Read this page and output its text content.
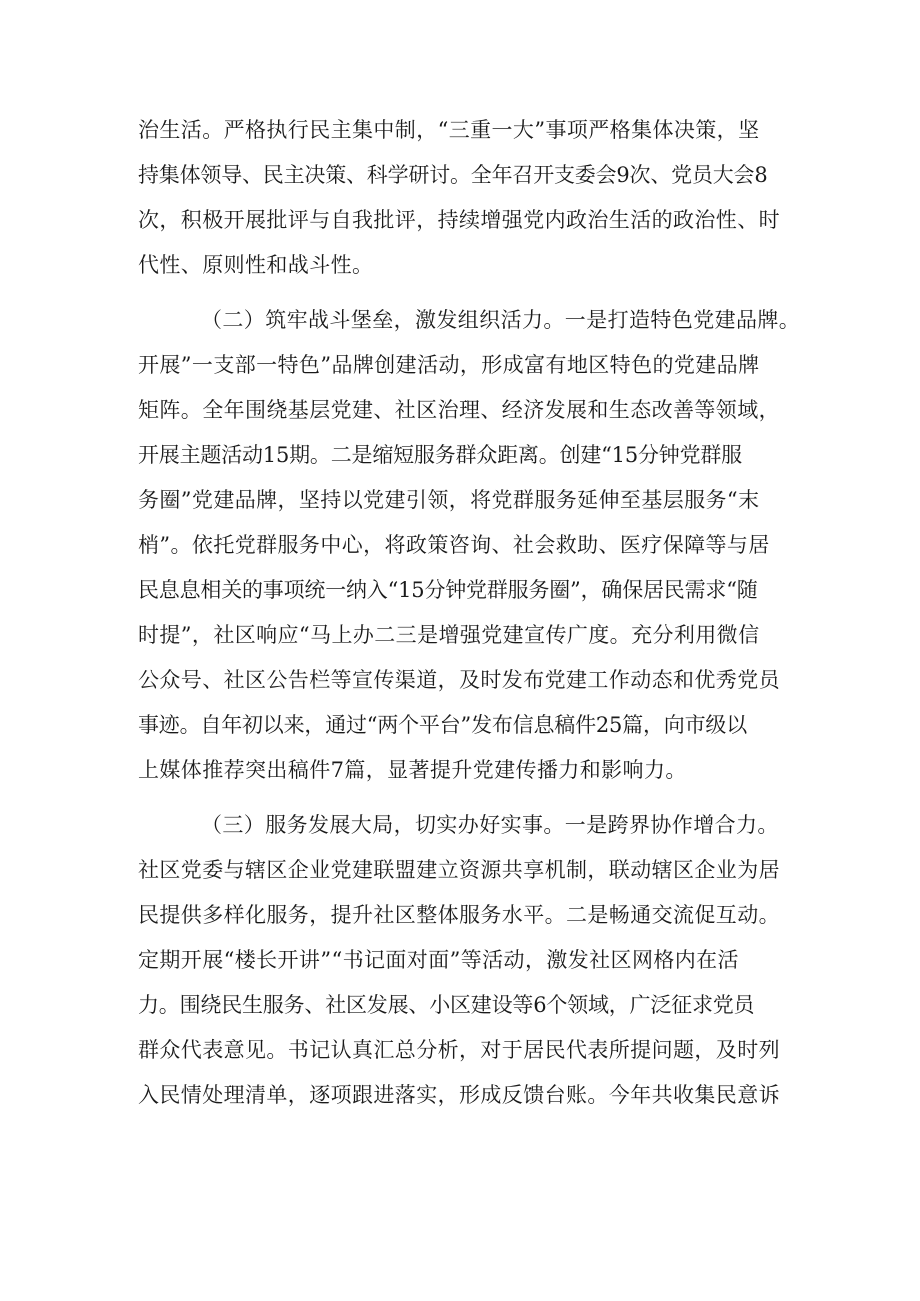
治生活。严格执行民主集中制，“三重一大”事项严格集体决策，坚
持集体领导、民主决策、科学研讨。全年召开支委会9次、党员大会8
次，积极开展批评与自我批评，持续增强党内政治生活的政治性、时
代性、原则性和战斗性。
（二）筑牢战斗堡垒，激发组织活力。一是打造特色党建品牌。
开展”一支部一特色”品牌创建活动，形成富有地区特色的党建品牌
矩阵。全年围绕基层党建、社区治理、经济发展和生态改善等领域，
开展主题活动15期。二是缩短服务群众距离。创建“15分钟党群服
务圈”党建品牌，坚持以党建引领，将党群服务延伸至基层服务“末
梢”。依托党群服务中心，将政策咨询、社会救助、医疗保障等与居
民息息相关的事项统一纳入“15分钟党群服务圈”，确保居民需求“随
时提”，社区响应“马上办二三是增强党建宣传广度。充分利用微信
公众号、社区公告栏等宣传渠道，及时发布党建工作动态和优秀党员
事迹。自年初以来，通过“两个平台”发布信息稿件25篇，向市级以
上媒体推荐突出稿件7篇，显著提升党建传播力和影响力。
（三）服务发展大局，切实办好实事。一是跨界协作增合力。
社区党委与辖区企业党建联盟建立资源共享机制，联动辖区企业为居
民提供多样化服务，提升社区整体服务水平。二是畅通交流促互动。
定期开展“楼长开讲”“书记面对面”等活动，激发社区网格内在活
力。围绕民生服务、社区发展、小区建设等6个领域，广泛征求党员
群众代表意见。书记认真汇总分析，对于居民代表所提问题，及时列
入民情处理清单，逐项跟进落实，形成反馈台账。今年共收集民意诉
